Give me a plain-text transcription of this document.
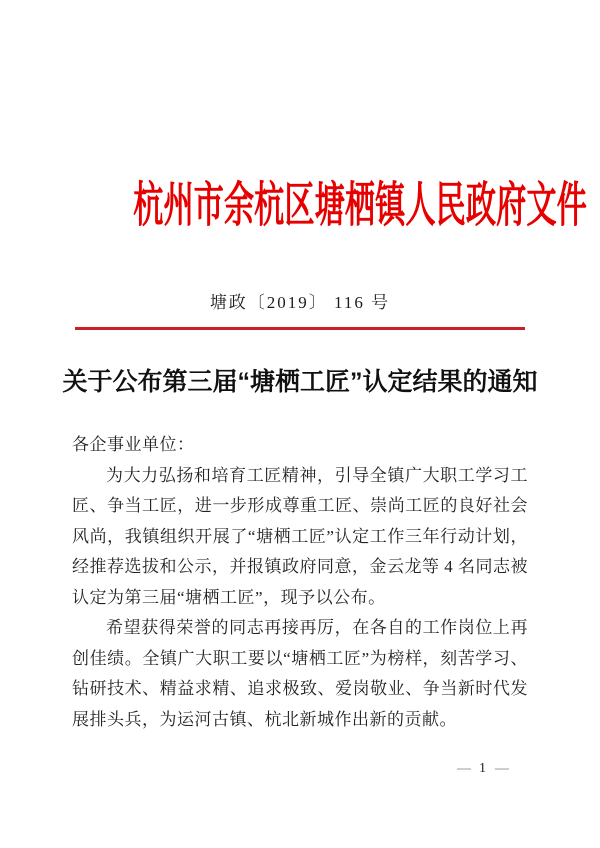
杭州市余杭区塘栖镇人民政府文件
塘政〔2019〕 116 号
关于公布第三届“塘栖工匠”认定结果的通知

各企事业单位：

为大力弘扬和培育工匠精神，引导全镇广大职工学习工匠、争当工匠，进一步形成尊重工匠、崇尚工匠的良好社会风尚，我镇组织开展了“塘栖工匠”认定工作三年行动计划，经推荐选拔和公示，并报镇政府同意，金云龙等 4 名同志被认定为第三届“塘栖工匠”，现予以公布。

希望获得荣誉的同志再接再厉，在各自的工作岗位上再创佳绩。全镇广大职工要以“塘栖工匠”为榜样，刻苦学习、钻研技术、精益求精、追求极致、爱岗敬业、争当新时代发展排头兵，为运河古镇、杭北新城作出新的贡献。

— 1 —
